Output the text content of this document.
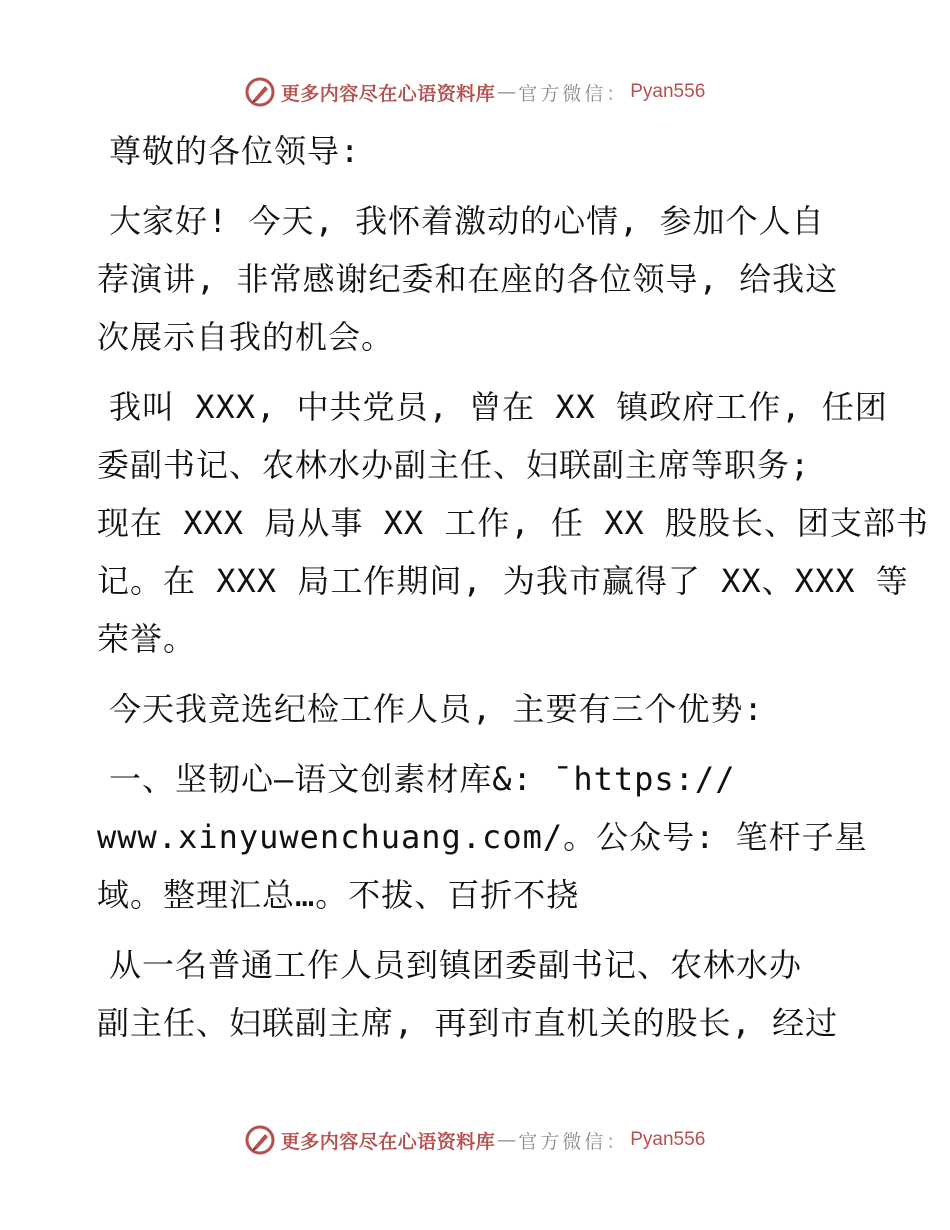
更多内容尽在心语资料库 — 官方微信： Pyan556

尊敬的各位领导:

大家好! 今天, 我怀着激动的心情, 参加个人自
荐演讲, 非常感谢纪委和在座的各位领导, 给我这
次展示自我的机会。

我叫 XXX, 中共党员, 曾在 XX 镇政府工作, 任团
委副书记、农林水办副主任、妇联副主席等职务;
现在 XXX 局从事 XX 工作, 任 XX 股股长、团支部书
记。在 XXX 局工作期间, 为我市赢得了 XX、XXX 等
荣誉。

今天我竞选纪检工作人员, 主要有三个优势:

一、坚韧心—语文创素材库&: ¯https://
www.xinyuwenchuang.com/。公众号: 笔杆子星
域。整理汇总…。不拔、百折不挠

从一名普通工作人员到镇团委副书记、农林水办
副主任、妇联副主席, 再到市直机关的股长, 经过

更多内容尽在心语资料库 — 官方微信： Pyan556
